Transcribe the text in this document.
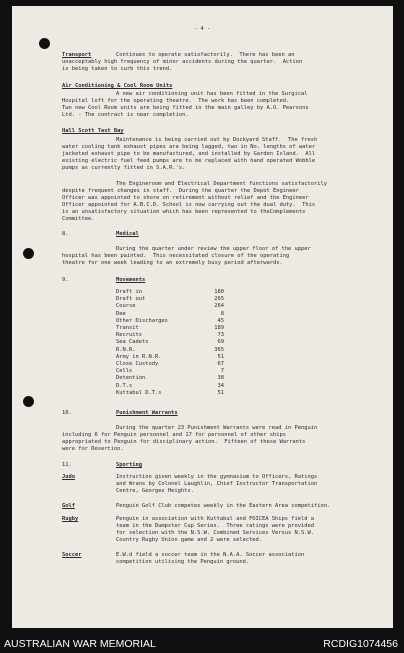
- 4 -
Transport	Continues to operate satisfactorily.  There has been an
unacceptably high frequency of minor accidents during the quarter.  Action
is being taken to curb this trend.
Air Conditioning & Cool Room Units
A new air conditioning unit has been fitted in the Surgical
Hospital loft for the operating theatre.  The work has been completed.
Two new Cool Room units are being fitted in the main galley by A.O. Pearsons
Ltd. - The contract is near completion.
Hall Scott Test Bay
Maintenance is being carried out by Dockyard Staff.  The fresh
water cooling tank exhaust pipes are being lagged, two in No. lengths of water
jacketed exhaust pipe to be manufactured, and installed by Garden Island.  All
existing electric fuel feed pumps are to be replaced with hand operated Wobble
pumps as currently fitted in S.A.R.'s.
The Engineroom and Electrical Department functions satisfactorily
despite frequent changes in staff.  During the quarter the Depot Engineer
Officer was appointed to shore on retirement without relief and the Engineer
Officer appointed for A.B.C.D. School is now carrying out the dual duty.  This
is an unsatisfactory situation which has been represented to theComplements
Committee.
8.	Medical
During the quarter under review the upper floor of the upper
hospital has been painted.  This necessitated closure of the operating
theatre for one week leading to an extremely busy period afterwards.
9.	Movements
10.	Punishment Warrants
During the quarter 23 Punishment Warrants were read in Penguin
including 6 for Penguin personnel and 17 for personnel of other ships
appropriated to Penguin for disciplinary action.  Fifteen of these Warrants
were for Desertion.
11.	Sporting
Judo	Instruction given weekly in the gymnasium to Officers, Ratings
and Wrans by Colonel Laughlin, Chief Instructor Transportation
Centre, Georges Heights.
Golf	Penguin Golf Club competes weekly in the Eastern Area competition.
Rugby	Penguin in association with Kuttabul and FOICEA Ships field a
team in the Dumpster Cup Series.  Three ratings were provided
for selection with the N.S.W. Combined Services Versus N.S.W.
Country Rugby Union game and 2 were selected.
Soccer	E.W.d field a soccer team in the N.A.A. Soccer association
competition utilising the Penguin ground.
Draft in	180
Draft out	265
Course	264
Dee	8
Other Discharges	45
Transit	189
Recruits	73
Sea Cadets	69
R.N.R.	365
Army in R.N.R.	51
Close Custody	67
Cells	7
Detention	38
D.T.s	34
Kuttabul D.T.s	51
AUSTRALIAN WAR MEMORIAL	RCDIG1074456
